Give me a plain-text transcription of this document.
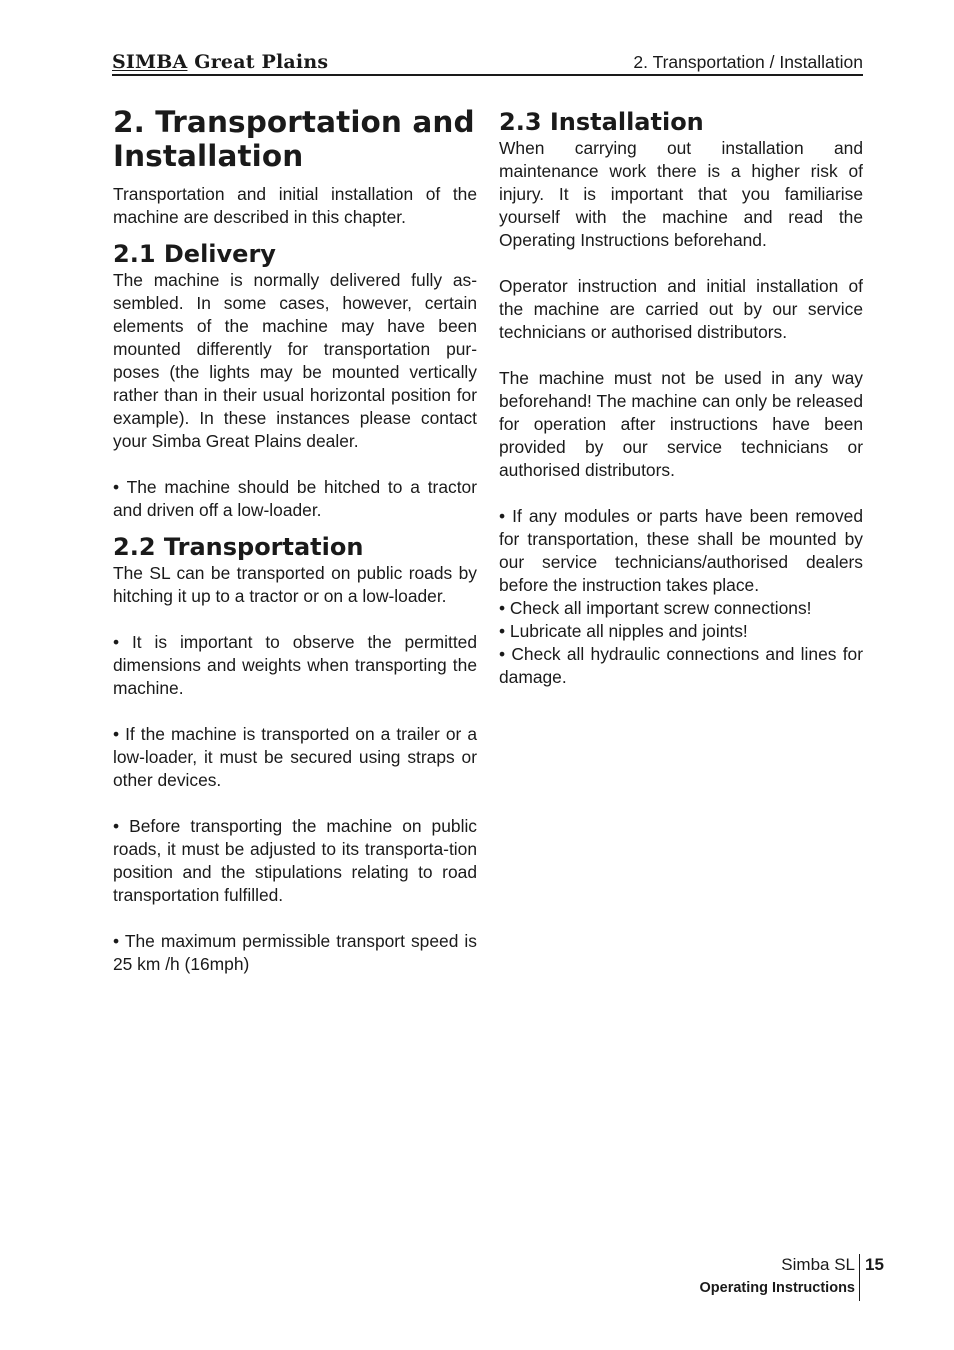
SIMBA Great Plains	2. Transportation / Installation
2. Transportation and Installation

Transportation and initial installation of the machine are described in this chapter.

2.1 Delivery

The machine is normally delivered fully as-sembled. In some cases, however, certain elements of the machine may have been mounted differently for transportation pur-poses (the lights may be mounted vertically rather than in their usual horizontal position for example). In these instances please contact your Simba Great Plains dealer.

• The machine should be hitched to a tractor and driven off a low-loader.

2.2 Transportation

The SL can be transported on public roads by hitching it up to a tractor or on a low-loader.

• It is important to observe the permitted dimensions and weights when transporting the machine.

• If the machine is transported on a trailer or a low-loader, it must be secured using straps or other devices.

• Before transporting the machine on public roads, it must be adjusted to its transporta-tion position and the stipulations relating to road transportation fulfilled.

• The maximum permissible transport speed is 25 km /h (16mph)

2.3 Installation

When carrying out installation and maintenance work there is a higher risk of injury. It is important that you familiarise yourself with the machine and read the Operating Instructions beforehand.

Operator instruction and initial installation of the machine are carried out by our service technicians or authorised distributors.

The machine must not be used in any way beforehand! The machine can only be released for operation after instructions have been provided by our service technicians or authorised distributors.

• If any modules or parts have been removed for transportation, these shall be mounted by our service technicians/authorised dealers before the instruction takes place.

• Check all important screw connections!

• Lubricate all nipples and joints!

• Check all hydraulic connections and lines for damage.

Simba SL
Operating Instructions
15
